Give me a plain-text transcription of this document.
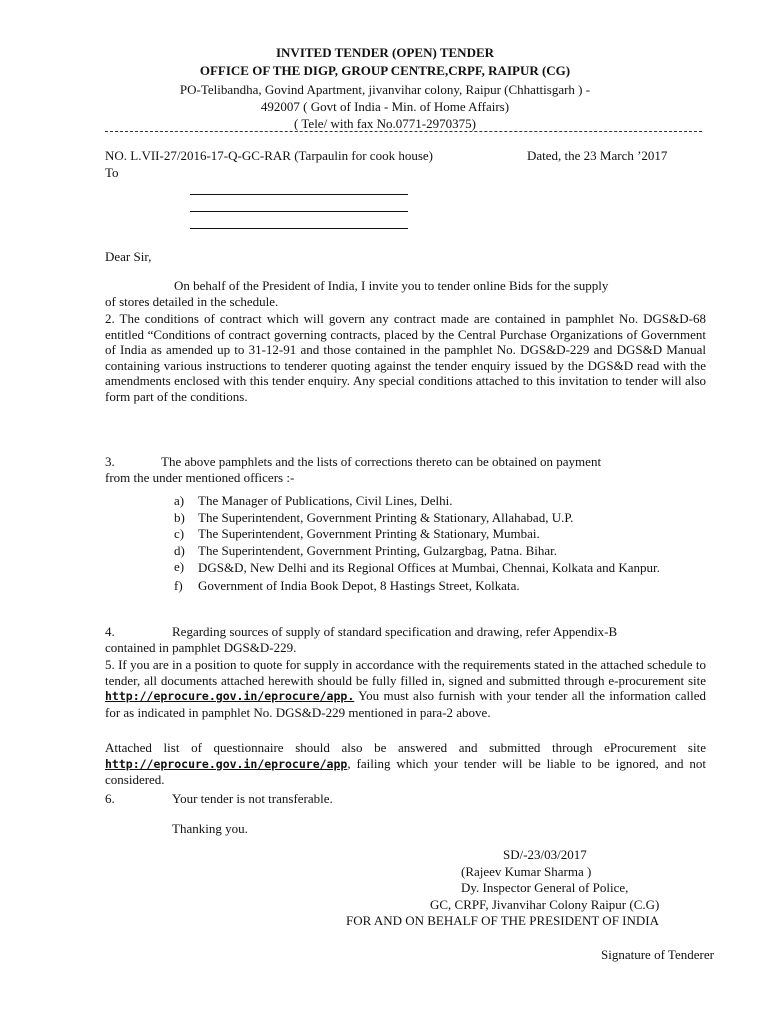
INVITED TENDER (OPEN) TENDER
OFFICE OF THE DIGP, GROUP CENTRE,CRPF, RAIPUR (CG)
PO-Telibandha, Govind Apartment, jivanvihar colony, Raipur (Chhattisgarh ) -
492007 ( Govt of India - Min. of Home Affairs)
( Tele/ with fax No.0771-2970375)
NO. L.VII-27/2016-17-Q-GC-RAR (Tarpaulin for cook house)	Dated, the 23 March ’2017
To
Dear Sir,
On behalf of the President of India, I invite you to tender online Bids for the supply
of stores detailed in the schedule.
2. The conditions of contract which will govern any contract made are contained in pamphlet No. DGS&D-68 entitled “Conditions of contract governing contracts, placed by the Central Purchase Organizations of Government of India as amended up to 31-12-91 and those contained in the pamphlet No. DGS&D-229 and DGS&D Manual containing various instructions to tenderer quoting against the tender enquiry issued by the DGS&D read with the amendments enclosed with this tender enquiry. Any special conditions attached to this invitation to tender will also form part of the conditions.
3.	The above pamphlets and the lists of corrections thereto can be obtained on payment
from the under mentioned officers :-
a) The Manager of Publications, Civil Lines, Delhi.
b) The Superintendent, Government Printing & Stationary, Allahabad, U.P.
c) The Superintendent, Government Printing & Stationary, Mumbai.
d) The Superintendent, Government Printing, Gulzargbag, Patna. Bihar.
e) DGS&D, New Delhi and its Regional Offices at Mumbai, Chennai, Kolkata and Kanpur.
f) Government of India Book Depot, 8 Hastings Street, Kolkata.
4.	Regarding sources of supply of standard specification and drawing, refer Appendix-B
contained in pamphlet DGS&D-229.
5. If you are in a position to quote for supply in accordance with the requirements stated in the attached schedule to tender, all documents attached herewith should be fully filled in, signed and submitted through e-procurement site http://eprocure.gov.in/eprocure/app. You must also furnish with your tender all the information called for as indicated in pamphlet No. DGS&D-229 mentioned in para-2 above.
Attached list of questionnaire should also be answered and submitted through eProcurement site http://eprocure.gov.in/eprocure/app, failing which your tender will be liable to be ignored, and not considered.
6.	Your tender is not transferable.
Thanking you.
SD/-23/03/2017
(Rajeev Kumar Sharma )
Dy. Inspector General of Police,
GC, CRPF, Jivanvihar Colony Raipur (C.G)
FOR AND ON BEHALF OF THE PRESIDENT OF INDIA
Signature of Tenderer
